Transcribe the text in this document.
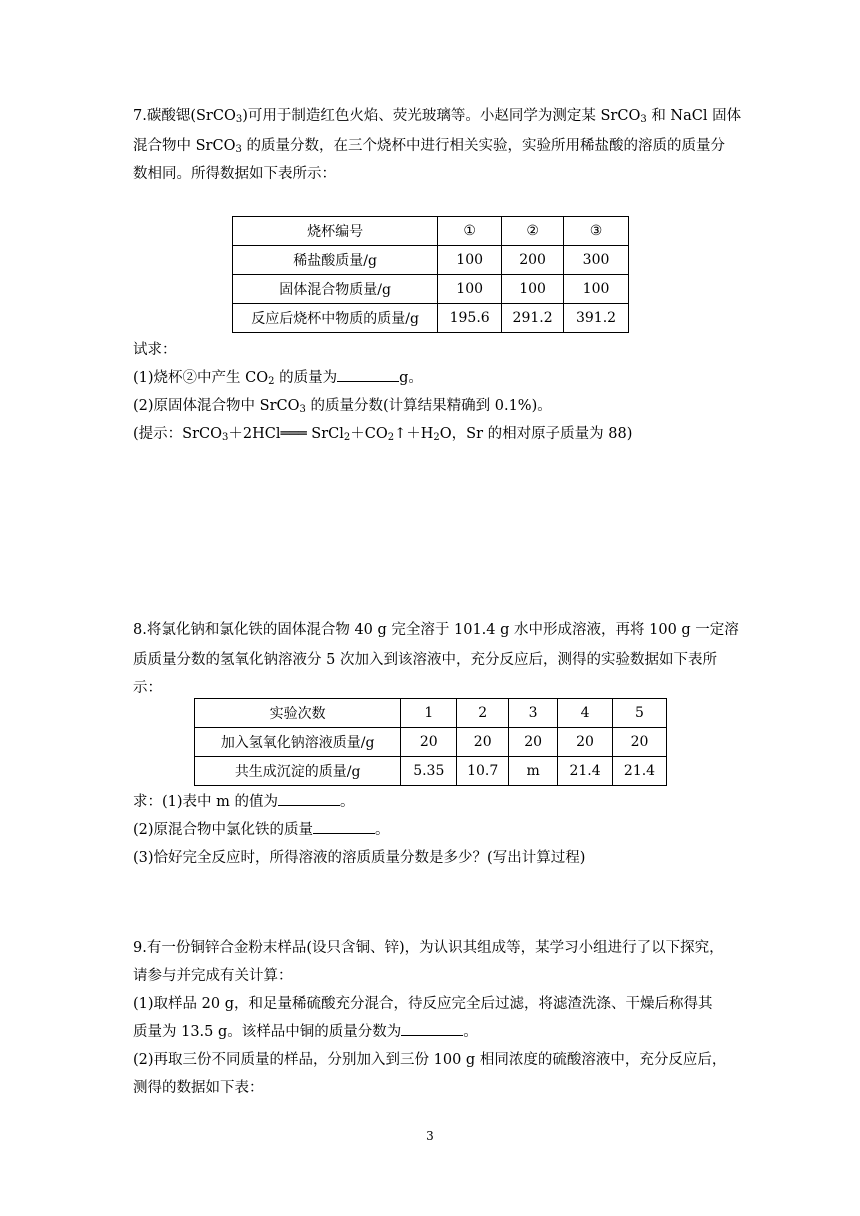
7.碳酸锶(SrCO$_3$)可用于制造红色火焰、荧光玻璃等。小赵同学为测定某 SrCO$_3$ 和 NaCl 固体

混合物中 SrCO$_3$ 的质量分数，在三个烧杯中进行相关实验，实验所用稀盐酸的溶质的质量分

数相同。所得数据如下表所示：

烧杯编号	①	②	③
稀盐酸质量/g	100	200	300
固体混合物质量/g	100	100	100
反应后烧杯中物质的质量/g	195.6	291.2	391.2

试求：

(1)烧杯②中产生 $CO_2$ 的质量为	g。

(2)原固体混合物中 SrCO$_3$ 的质量分数(计算结果精确到 0.1%)。

(提示：SrCO$_3$＋2HCl═══ $SrCl_2+CO_2↑+H_2O$，Sr 的相对原子质量为 88)

8.将氯化钠和氯化铁的固体混合物 40 g 完全溶于 101.4 g 水中形成溶液，再将 100 g 一定溶

质质量分数的氢氧化钠溶液分 5 次加入到该溶液中，充分反应后，测得的实验数据如下表所

示：

实验次数	1	2	3	4	5
加入氢氧化钠溶液质量/g	20	20	20	20	20
共生成沉淀的质量/g	5.35	10.7	m	21.4	21.4

求：(1)表中 m 的值为	。

(2)原混合物中氯化铁的质量	。

(3)恰好完全反应时，所得溶液的溶质质量分数是多少？(写出计算过程)

9.有一份铜锌合金粉末样品(设只含铜、锌)，为认识其组成等，某学习小组进行了以下探究，

请参与并完成有关计算：

(1)取样品 20 g，和足量稀硫酸充分混合，待反应完全后过滤，将滤渣洗涤、干燥后称得其

质量为 13.5 g。该样品中铜的质量分数为	。

(2)再取三份不同质量的样品，分别加入到三份 100 g 相同浓度的硫酸溶液中，充分反应后，

测得的数据如下表：

3
